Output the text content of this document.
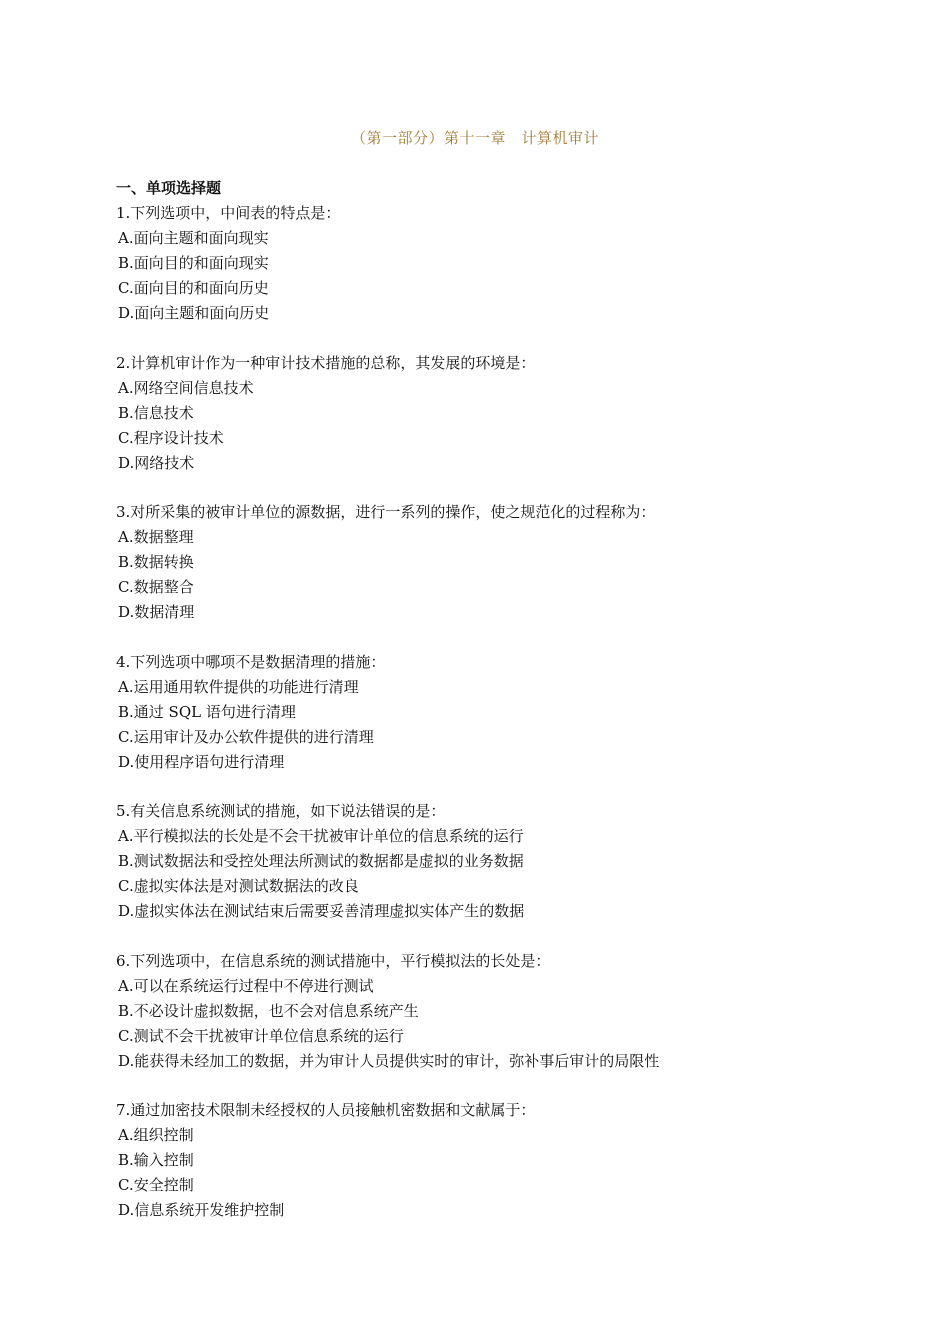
（第一部分）第十一章　计算机审计
一、单项选择题

1.下列选项中，中间表的特点是：

A.面向主题和面向现实

B.面向目的和面向现实

C.面向目的和面向历史

D.面向主题和面向历史

2.计算机审计作为一种审计技术措施的总称，其发展的环境是：

A.网络空间信息技术

B.信息技术

C.程序设计技术

D.网络技术

3.对所采集的被审计单位的源数据，进行一系列的操作，使之规范化的过程称为：

A.数据整理

B.数据转换

C.数据整合

D.数据清理

4.下列选项中哪项不是数据清理的措施：

A.运用通用软件提供的功能进行清理

B.通过 SQL 语句进行清理

C.运用审计及办公软件提供的进行清理

D.使用程序语句进行清理

5.有关信息系统测试的措施，如下说法错误的是：

A.平行模拟法的长处是不会干扰被审计单位的信息系统的运行

B.测试数据法和受控处理法所测试的数据都是虚拟的业务数据

C.虚拟实体法是对测试数据法的改良

D.虚拟实体法在测试结束后需要妥善清理虚拟实体产生的数据

6.下列选项中，在信息系统的测试措施中，平行模拟法的长处是：

A.可以在系统运行过程中不停进行测试

B.不必设计虚拟数据，也不会对信息系统产生

C.测试不会干扰被审计单位信息系统的运行

D.能获得未经加工的数据，并为审计人员提供实时的审计，弥补事后审计的局限性

7.通过加密技术限制未经授权的人员接触机密数据和文献属于：

A.组织控制

B.输入控制

C.安全控制

D.信息系统开发维护控制
